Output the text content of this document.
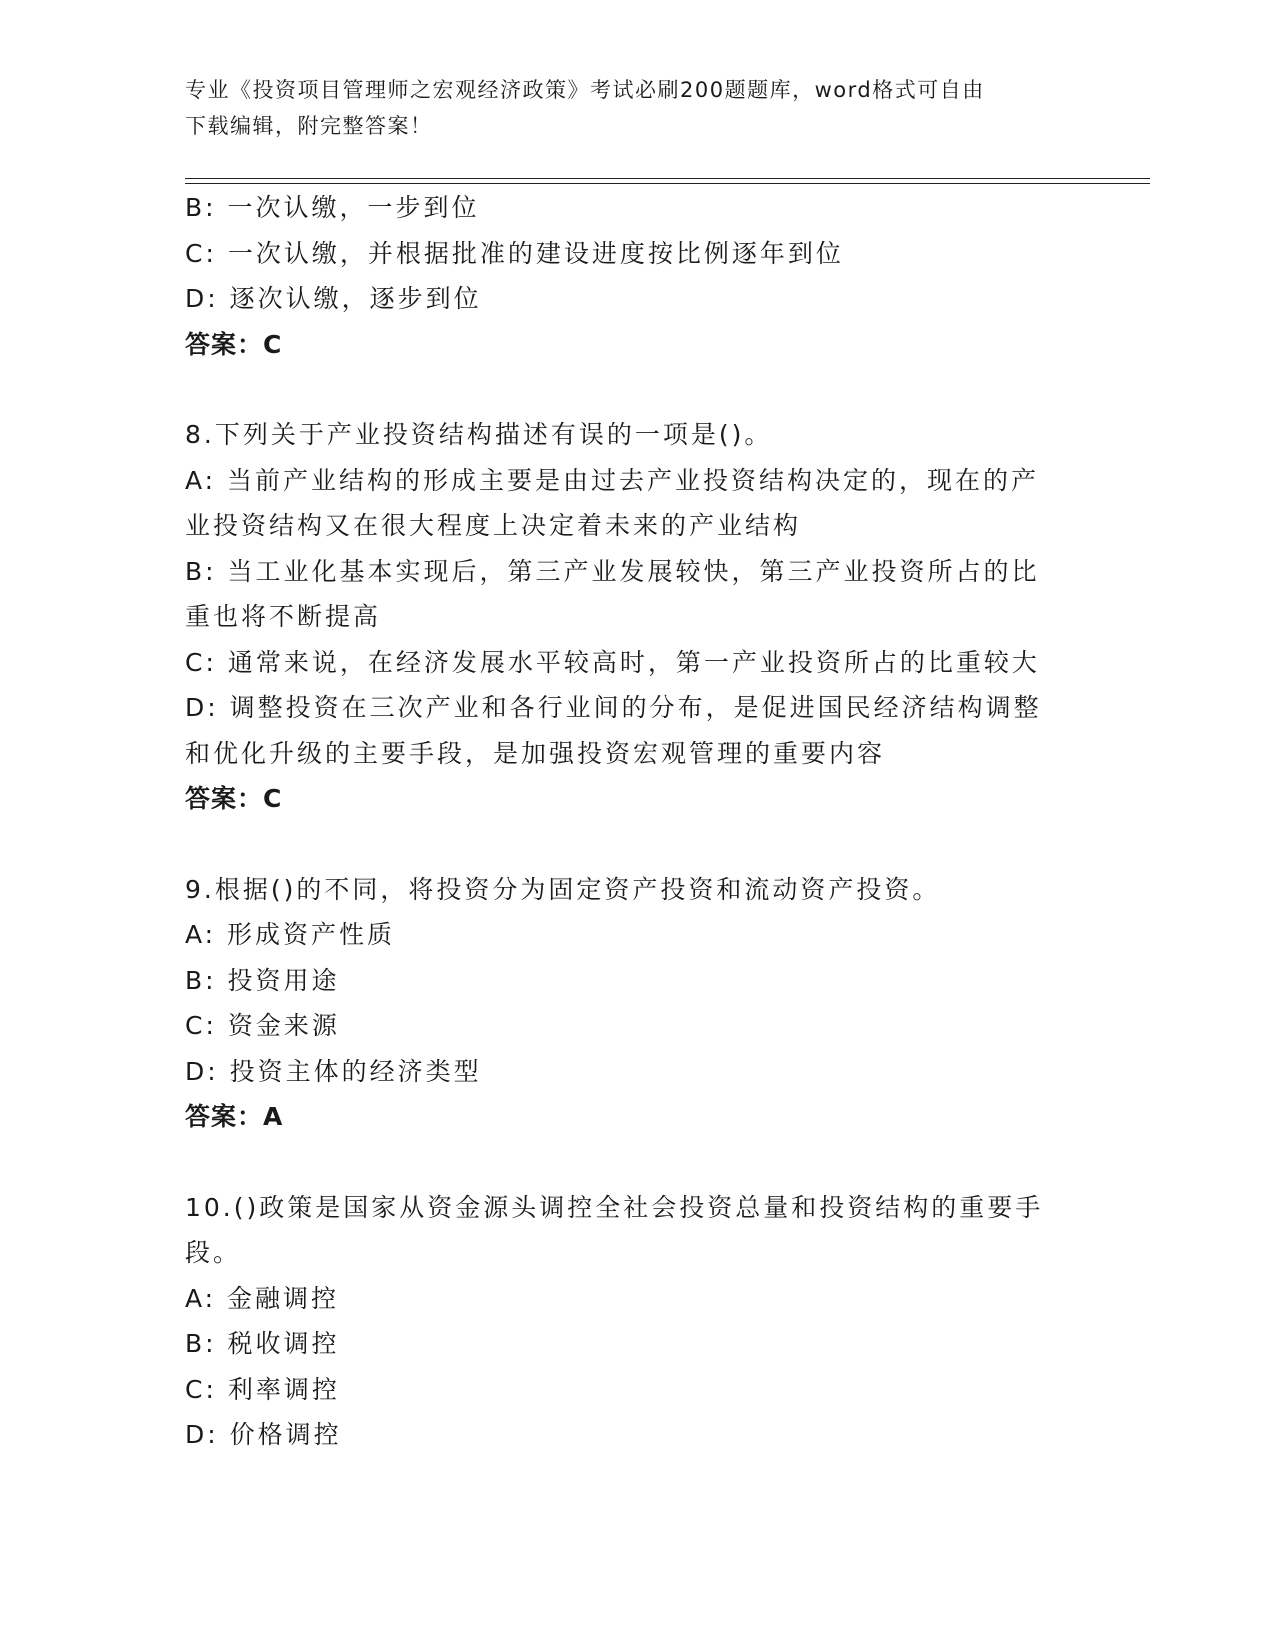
专业《投资项目管理师之宏观经济政策》考试必刷200题题库，word格式可自由
下载编辑，附完整答案！
B: 一次认缴，一步到位
C: 一次认缴，并根据批准的建设进度按比例逐年到位
D: 逐次认缴，逐步到位
答案：C
8.下列关于产业投资结构描述有误的一项是()。
A: 当前产业结构的形成主要是由过去产业投资结构决定的，现在的产
业投资结构又在很大程度上决定着未来的产业结构
B: 当工业化基本实现后，第三产业发展较快，第三产业投资所占的比
重也将不断提高
C: 通常来说，在经济发展水平较高时，第一产业投资所占的比重较大
D: 调整投资在三次产业和各行业间的分布，是促进国民经济结构调整
和优化升级的主要手段，是加强投资宏观管理的重要内容
答案：C
9.根据()的不同，将投资分为固定资产投资和流动资产投资。
A: 形成资产性质
B: 投资用途
C: 资金来源
D: 投资主体的经济类型
答案：A
10.()政策是国家从资金源头调控全社会投资总量和投资结构的重要手
段。
A: 金融调控
B: 税收调控
C: 利率调控
D: 价格调控
